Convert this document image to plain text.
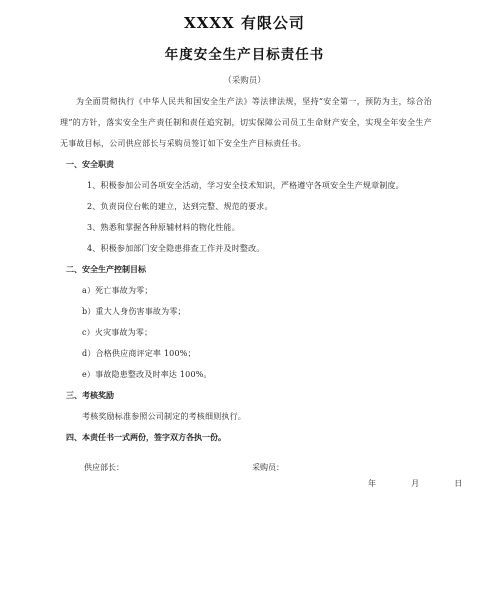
XXXX 有限公司
年度安全生产目标责任书
（采购员）

为全面贯彻执行《中华人民共和国安全生产法》等法律法规，坚持“安全第一，预防为主，综合治理”的方针，落实安全生产责任制和责任追究制，切实保障公司员工生命财产安全，实现全年安全生产无事故目标，公司供应部长与采购员签订如下安全生产目标责任书。

一、安全职责

1、积极参加公司各项安全活动，学习安全技术知识，严格遵守各项安全生产规章制度。

2、负责岗位台帐的建立，达到完整、规范的要求。

3、熟悉和掌握各种原辅材料的物化性能。

4、积极参加部门安全隐患排查工作并及时整改。

二、安全生产控制目标

a）死亡事故为零；

b）重大人身伤害事故为零；

c）火灾事故为零；

d）合格供应商评定率 100%；

e）事故隐患整改及时率达 100%。

三、考核奖励

考核奖励标准参照公司制定的考核细则执行。

四、本责任书一式两份，签字双方各执一份。

供应部长：	采购员：
年	月	日
